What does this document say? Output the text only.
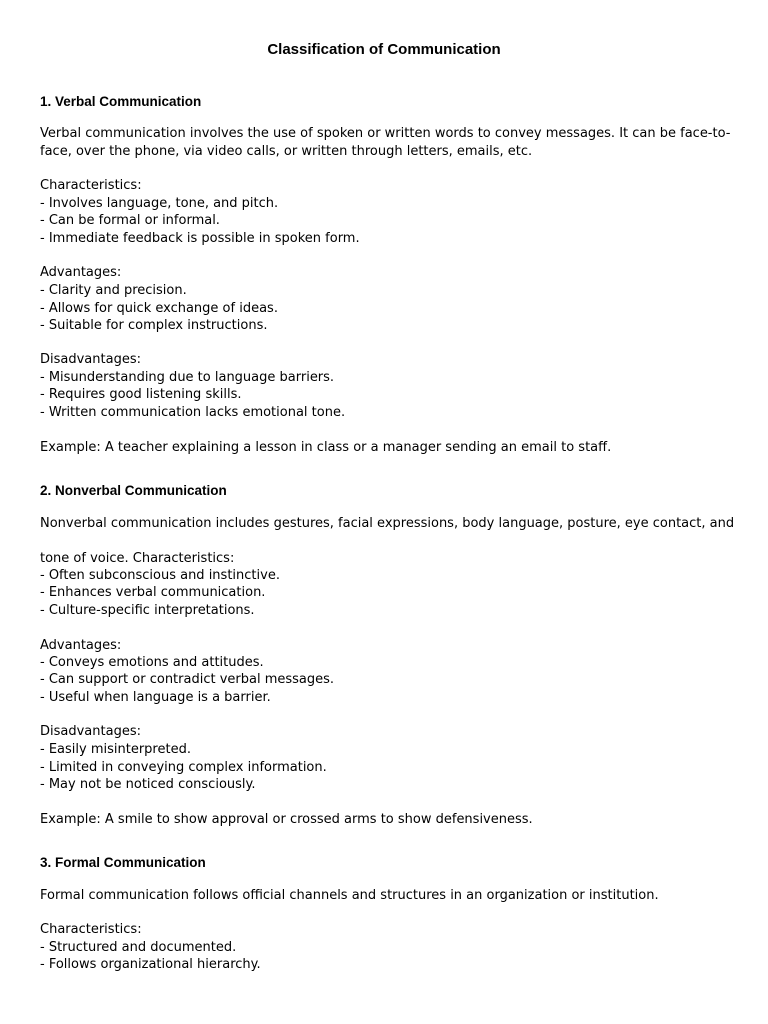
Classification of Communication

1. Verbal Communication

Verbal communication involves the use of spoken or written words to convey messages. It can be face-to-

face, over the phone, via video calls, or written through letters, emails, etc.

Characteristics:

- Involves language, tone, and pitch.

- Can be formal or informal.

- Immediate feedback is possible in spoken form.

Advantages:

- Clarity and precision.

- Allows for quick exchange of ideas.

- Suitable for complex instructions.

Disadvantages:

- Misunderstanding due to language barriers.

- Requires good listening skills.

- Written communication lacks emotional tone.

Example: A teacher explaining a lesson in class or a manager sending an email to staff.

2. Nonverbal Communication

Nonverbal communication includes gestures, facial expressions, body language, posture, eye contact, and

tone of voice. Characteristics:

- Often subconscious and instinctive.

- Enhances verbal communication.

- Culture-specific interpretations.

Advantages:

- Conveys emotions and attitudes.

- Can support or contradict verbal messages.

- Useful when language is a barrier.

Disadvantages:

- Easily misinterpreted.

- Limited in conveying complex information.

- May not be noticed consciously.

Example: A smile to show approval or crossed arms to show defensiveness.

3. Formal Communication

Formal communication follows official channels and structures in an organization or institution.

Characteristics:

- Structured and documented.

- Follows organizational hierarchy.
